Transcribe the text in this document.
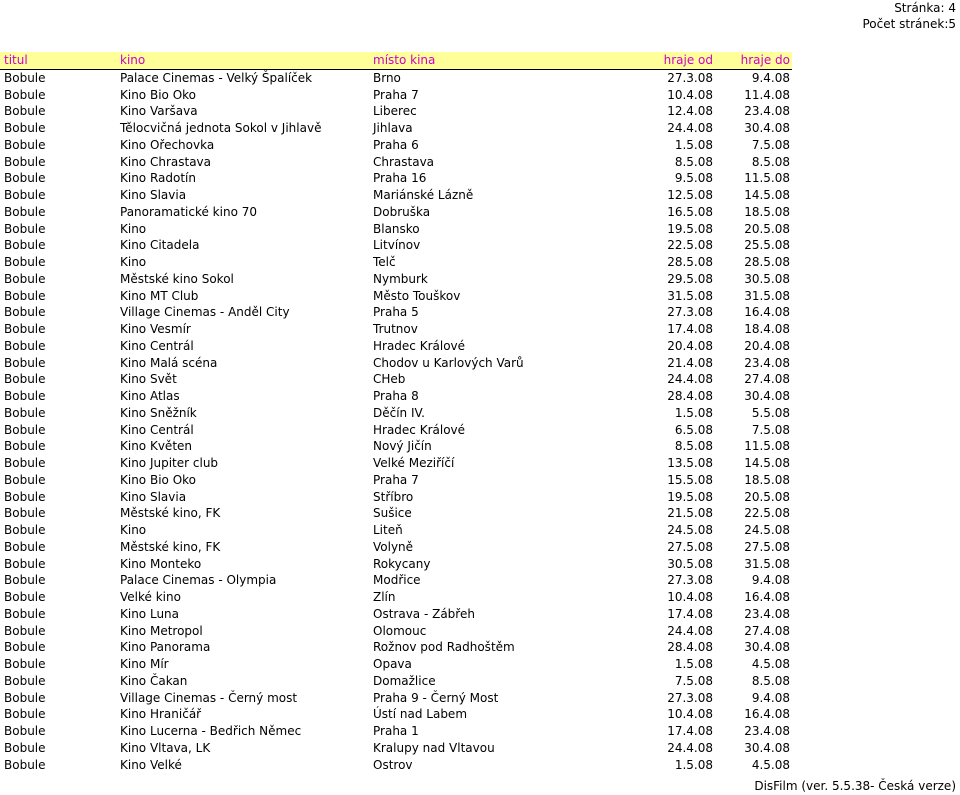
Stránka: 4
Počet stránek:5
titul	kino	místo kina	hraje od	hraje do
Bobule	Palace Cinemas - Velký Špalíček	Brno	27.3.08	9.4.08
Bobule	Kino Bio Oko	Praha 7	10.4.08	11.4.08
Bobule	Kino Varšava	Liberec	12.4.08	23.4.08
Bobule	Tělocvičná jednota Sokol v Jihlavě	Jihlava	24.4.08	30.4.08
Bobule	Kino Ořechovka	Praha 6	1.5.08	7.5.08
Bobule	Kino Chrastava	Chrastava	8.5.08	8.5.08
Bobule	Kino Radotín	Praha 16	9.5.08	11.5.08
Bobule	Kino Slavia	Mariánské Lázně	12.5.08	14.5.08
Bobule	Panoramatické kino 70	Dobruška	16.5.08	18.5.08
Bobule	Kino	Blansko	19.5.08	20.5.08
Bobule	Kino Citadela	Litvínov	22.5.08	25.5.08
Bobule	Kino	Telč	28.5.08	28.5.08
Bobule	Městské kino Sokol	Nymburk	29.5.08	30.5.08
Bobule	Kino MT Club	Město Touškov	31.5.08	31.5.08
Bobule	Village Cinemas - Anděl City	Praha 5	27.3.08	16.4.08
Bobule	Kino Vesmír	Trutnov	17.4.08	18.4.08
Bobule	Kino Centrál	Hradec Králové	20.4.08	20.4.08
Bobule	Kino Malá scéna	Chodov u Karlových Varů	21.4.08	23.4.08
Bobule	Kino Svět	CHeb	24.4.08	27.4.08
Bobule	Kino Atlas	Praha 8	28.4.08	30.4.08
Bobule	Kino Sněžník	Děčín IV.	1.5.08	5.5.08
Bobule	Kino Centrál	Hradec Králové	6.5.08	7.5.08
Bobule	Kino Květen	Nový Jičín	8.5.08	11.5.08
Bobule	Kino Jupiter club	Velké Meziříčí	13.5.08	14.5.08
Bobule	Kino Bio Oko	Praha 7	15.5.08	18.5.08
Bobule	Kino Slavia	Stříbro	19.5.08	20.5.08
Bobule	Městské kino, FK	Sušice	21.5.08	22.5.08
Bobule	Kino	Liteň	24.5.08	24.5.08
Bobule	Městské kino, FK	Volyně	27.5.08	27.5.08
Bobule	Kino Monteko	Rokycany	30.5.08	31.5.08
Bobule	Palace Cinemas - Olympia	Modřice	27.3.08	9.4.08
Bobule	Velké kino	Zlín	10.4.08	16.4.08
Bobule	Kino Luna	Ostrava - Zábřeh	17.4.08	23.4.08
Bobule	Kino Metropol	Olomouc	24.4.08	27.4.08
Bobule	Kino Panorama	Rožnov pod Radhoštěm	28.4.08	30.4.08
Bobule	Kino Mír	Opava	1.5.08	4.5.08
Bobule	Kino Čakan	Domažlice	7.5.08	8.5.08
Bobule	Village Cinemas - Černý most	Praha 9 - Černý Most	27.3.08	9.4.08
Bobule	Kino Hraničář	Ústí nad Labem	10.4.08	16.4.08
Bobule	Kino Lucerna - Bedřich Němec	Praha 1	17.4.08	23.4.08
Bobule	Kino Vltava, LK	Kralupy nad Vltavou	24.4.08	30.4.08
Bobule	Kino Velké	Ostrov	1.5.08	4.5.08
DisFilm (ver. 5.5.38- Česká verze)
